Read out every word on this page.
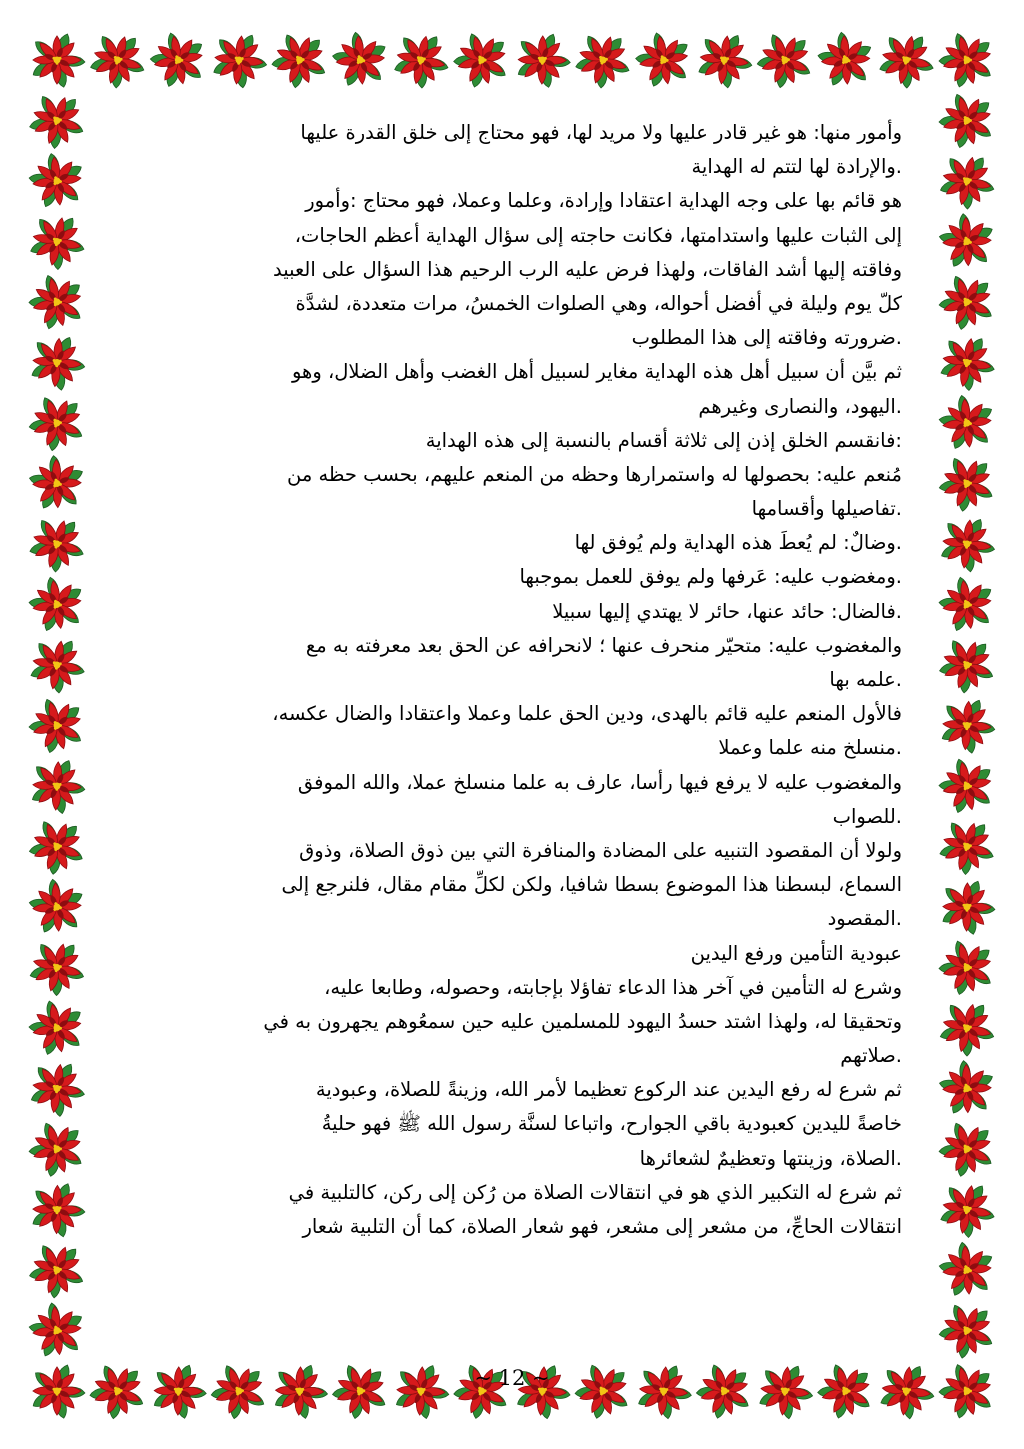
وأمور منها: هو غير قادر عليها ولا مريد لها، فهو محتاج إلى خلق القدرة عليها
.والإرادة لها لتتم له الهداية
هو قائم بها على وجه الهداية اعتقادا وإرادة، وعلما وعملا، فهو محتاج :وأمور
إلى الثبات عليها واستدامتها، فكانت حاجته إلى سؤال الهداية أعظم الحاجات،
وفاقته إليها أشد الفاقات، ولهذا فرض عليه الرب الرحيم هذا السؤال على العبيد
كلّ يوم وليلة في أفضل أحواله، وهي الصلوات الخمسُ، مرات متعددة، لشدَّة
.ضرورته وفاقته إلى هذا المطلوب
ثم بيَّن أن سبيل أهل هذه الهداية مغاير لسبيل أهل الغضب وأهل الضلال، وهو
.اليهود، والنصارى وغيرهم
:فانقسم الخلق إذن إلى ثلاثة أقسام بالنسبة إلى هذه الهداية
مُنعم عليه: بحصولها له واستمرارها وحظه من المنعم عليهم، بحسب حظه من
.تفاصيلها وأقسامها
.وضالٌ: لم يُعطَ هذه الهداية ولم يُوفق لها
.ومغضوب عليه: عَرفها ولم يوفق للعمل بموجبها
.فالضال: حائد عنها، حائر لا يهتدي إليها سبيلا
والمغضوب عليه: متحيّر منحرف عنها ؛ لانحرافه عن الحق بعد معرفته به مع
.علمه بها
فالأول المنعم عليه قائم بالهدى، ودين الحق علما وعملا واعتقادا والضال عكسه،
.منسلخ منه علما وعملا
والمغضوب عليه لا يرفع فيها رأسا، عارف به علما منسلخ عملا، والله الموفق
.للصواب
ولولا أن المقصود التنبيه على المضادة والمنافرة التي بين ذوق الصلاة، وذوق
السماع، لبسطنا هذا الموضوع بسطا شافيا، ولكن لكلِّ مقام مقال، فلنرجع إلى
.المقصود
عبودية التأمين ورفع اليدين
وشرع له التأمين في آخر هذا الدعاء تفاؤلا بإجابته، وحصوله، وطابعا عليه،
وتحقيقا له، ولهذا اشتد حسدُ اليهود للمسلمين عليه حين سمعُوهم يجهرون به في
.صلاتهم
ثم شرع له رفع اليدين عند الركوع تعظيما لأمر الله، وزينةً للصلاة، وعبودية
خاصةً لليدين كعبودية باقي الجوارح، واتباعا لسنَّة رسول الله ﷺ فهو حليةُ
.الصلاة، وزينتها وتعظيمٌ لشعائرها
ثم شرع له التكبير الذي هو في انتقالات الصلاة من رُكن إلى ركن، كالتلبية في
انتقالات الحاجِّ، من مشعر إلى مشعر، فهو شعار الصلاة، كما أن التلبية شعار
~ 12 ~
